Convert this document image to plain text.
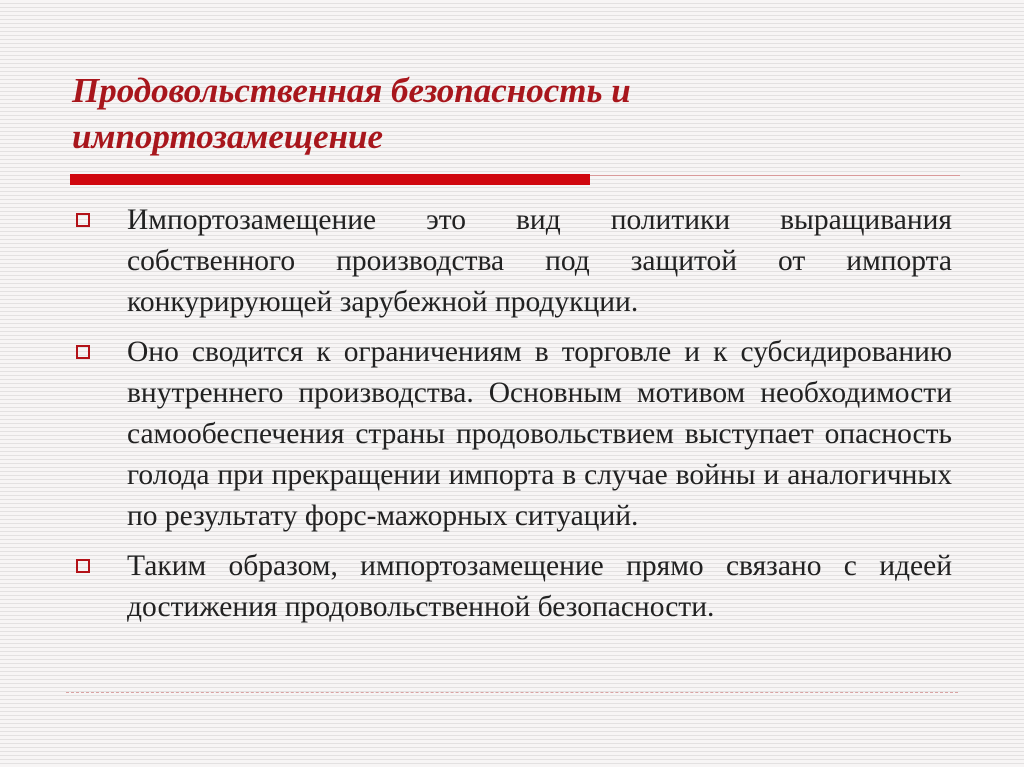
Продовольственная безопасность и
импортозамещение
Импортозамещение это вид политики выращивания собственного производства под защитой от импорта конкурирующей зарубежной продукции.
Оно сводится к ограничениям в торговле и к субсидированию внутреннего производства. Основным мотивом необходимости самообеспечения страны продовольствием выступает опасность голода при прекращении импорта в случае войны и аналогичных по результату форс-мажорных ситуаций.
Таким образом, импортозамещение прямо связано с идеей достижения продовольственной безопасности.
